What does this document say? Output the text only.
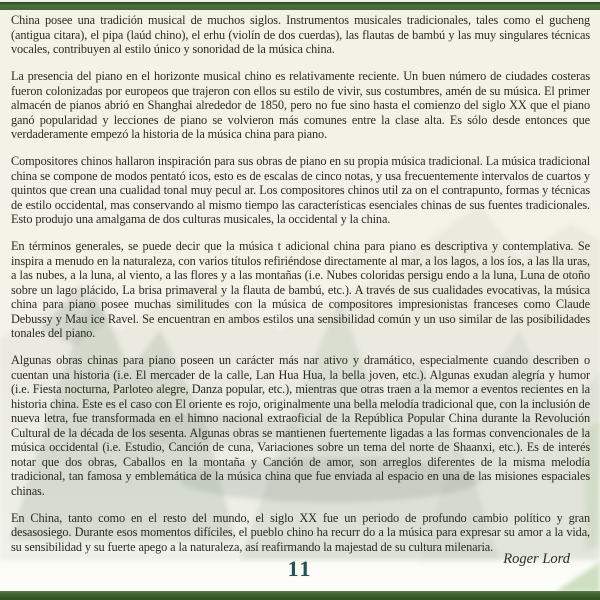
China posee una tradición musical de muchos siglos. Instrumentos musicales tradicionales, tales como el gucheng (antigua citara), el pipa (laúd chino), el erhu (violín de dos cuerdas), las flautas de bambú y las muy singulares técnicas vocales, contribuyen al estilo único y sonoridad de la música china.

La presencia del piano en el horizonte musical chino es relativamente reciente. Un buen número de ciudades costeras fueron colonizadas por europeos que trajeron con ellos su estilo de vivir, sus costumbres, amén de su música. El primer almacén de pianos abrió en Shanghai alrededor de 1850, pero no fue sino hasta el comienzo del siglo XX que el piano ganó popularidad y lecciones de piano se volvieron más comunes entre la clase alta. Es sólo desde entonces que verdaderamente empezó la historia de la música china para piano.

Compositores chinos hallaron inspiración para sus obras de piano en su propia música tradicional. La música tradicional china se compone de modos pentató icos, esto es de escalas de cinco notas, y usa frecuentemente intervalos de cuartos y quintos que crean una cualidad tonal muy pecul ar. Los compositores chinos util za on el contrapunto, formas y técnicas de estilo occidental, mas conservando al mismo tiempo las características esenciales chinas de sus fuentes tradicionales. Esto produjo una amalgama de dos culturas musicales, la occidental y la china.

En términos generales, se puede decir que la música t adicional china para piano es descriptiva y contemplativa. Se inspira a menudo en la naturaleza, con varios títulos refiriéndose directamente al mar, a los lagos, a los íos, a las lla uras, a las nubes, a la luna, al viento, a las flores y a las montañas (i.e. Nubes coloridas persigu endo a la luna, Luna de otoño sobre un lago plácido, La brisa primaveral y la flauta de bambú, etc.). A través de sus cualidades evocativas, la música china para piano posee muchas similitudes con la música de compositores impresionistas franceses como Claude Debussy y Mau ice Ravel. Se encuentran en ambos estilos una sensibilidad común y un uso similar de las posibilidades tonales del piano.

Algunas obras chinas para piano poseen un carácter más nar ativo y dramático, especialmente cuando describen o cuentan una historia (i.e. El mercader de la calle, Lan Hua Hua, la bella joven, etc.). Algunas exudan alegría y humor (i.e. Fiesta nocturna, Parloteo alegre, Danza popular, etc.), mientras que otras traen a la memor a eventos recientes en la historia china. Este es el caso con El oriente es rojo, originalmente una bella melodía tradicional que, con la inclusión de nueva letra, fue transformada en el himno nacional extraoficial de la República Popular China durante la Revolución Cultural de la década de los sesenta. Algunas obras se mantienen fuertemente ligadas a las formas convencionales de la música occidental (i.e. Estudio, Canción de cuna, Variaciones sobre un tema del norte de Shaanxi, etc.). Es de interés notar que dos obras, Caballos en la montaña y Canción de amor, son arreglos diferentes de la misma melodía tradicional, tan famosa y emblemática de la música china que fue enviada al espacio en una de las misiones espaciales chinas.

En China, tanto como en el resto del mundo, el siglo XX fue un periodo de profundo cambio político y gran desasosiego. Durante esos momentos difíciles, el pueblo chino ha recurr do a la música para expresar su amor a la vida, su sensibilidad y su fuerte apego a la naturaleza, así reafirmando la majestad de su cultura milenaria.

Roger Lord
11
